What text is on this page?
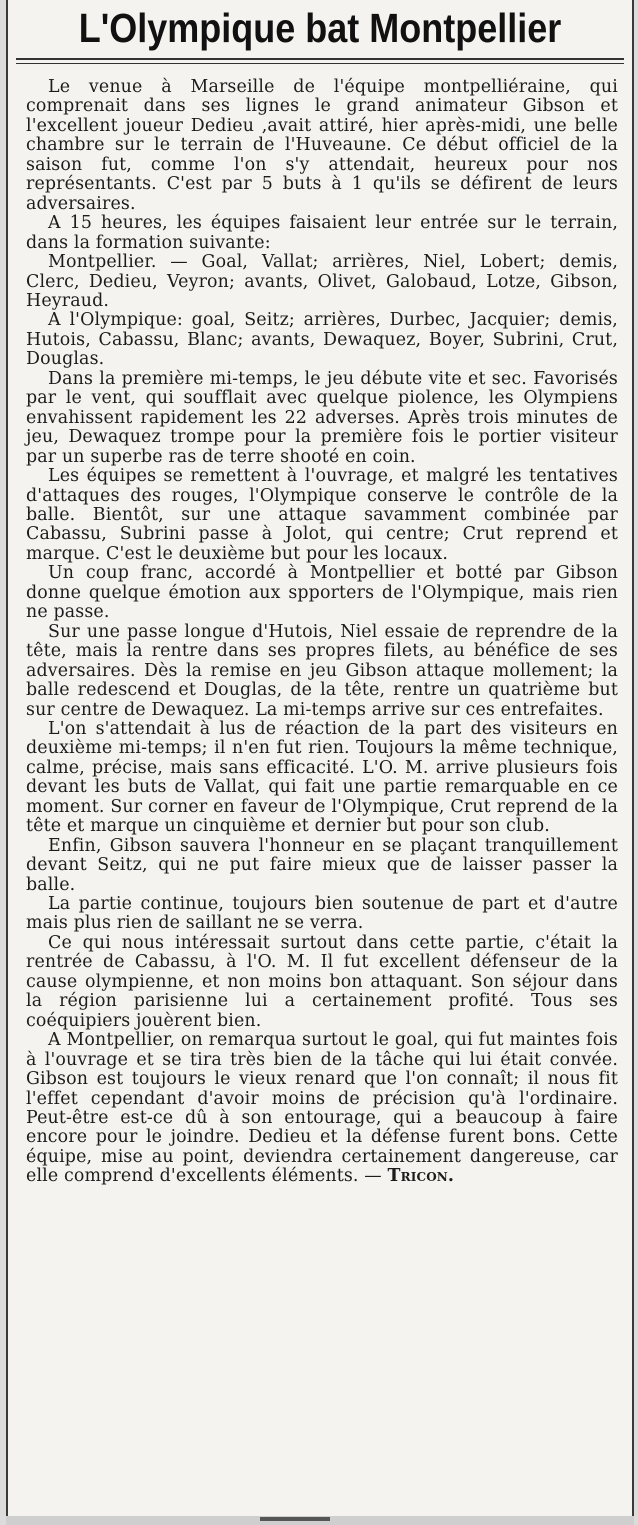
L'Olympique bat Montpellier

Le venue à Marseille de l'équipe montpelliéraine, qui comprenait dans ses lignes le grand animateur Gibson et l'excellent joueur Dedieu ,avait attiré, hier après-midi, une belle chambre sur le terrain de l'Huveaune. Ce début officiel de la saison fut, comme l'on s'y attendait, heureux pour nos représentants. C'est par 5 buts à 1 qu'ils se défirent de leurs adversaires.

A 15 heures, les équipes faisaient leur entrée sur le terrain, dans la formation suivante:

Montpellier. — Goal, Vallat; arrières, Niel, Lobert; demis, Clerc, Dedieu, Veyron; avants, Olivet, Galobaud, Lotze, Gibson, Heyraud.

A l'Olympique: goal, Seitz; arrières, Durbec, Jacquier; demis, Hutois, Cabassu, Blanc; avants, Dewaquez, Boyer, Subrini, Crut, Douglas.

Dans la première mi-temps, le jeu débute vite et sec. Favorisés par le vent, qui soufflait avec quelque piolence, les Olympiens envahissent rapidement les 22 adverses. Après trois minutes de jeu, Dewaquez trompe pour la première fois le portier visiteur par un superbe ras de terre shooté en coin.

Les équipes se remettent à l'ouvrage, et malgré les tentatives d'attaques des rouges, l'Olympique conserve le contrôle de la balle. Bientôt, sur une attaque savamment combinée par Cabassu, Subrini passe à Jolot, qui centre; Crut reprend et marque. C'est le deuxième but pour les locaux.

Un coup franc, accordé à Montpellier et botté par Gibson donne quelque émotion aux spporters de l'Olympique, mais rien ne passe.

Sur une passe longue d'Hutois, Niel essaie de reprendre de la tête, mais la rentre dans ses propres filets, au bénéfice de ses adversaires. Dès la remise en jeu Gibson attaque mollement; la balle redescend et Douglas, de la tête, rentre un quatrième but sur centre de Dewaquez. La mi-temps arrive sur ces entrefaites.

L'on s'attendait à lus de réaction de la part des visiteurs en deuxième mi-temps; il n'en fut rien. Toujours la même technique, calme, précise, mais sans efficacité. L'O. M. arrive plusieurs fois devant les buts de Vallat, qui fait une partie remarquable en ce moment. Sur corner en faveur de l'Olympique, Crut reprend de la tête et marque un cinquième et dernier but pour son club.

Enfin, Gibson sauvera l'honneur en se plaçant tranquillement devant Seitz, qui ne put faire mieux que de laisser passer la balle.

La partie continue, toujours bien soutenue de part et d'autre mais plus rien de saillant ne se verra.

Ce qui nous intéressait surtout dans cette partie, c'était la rentrée de Cabassu, à l'O. M. Il fut excellent défenseur de la cause olympienne, et non moins bon attaquant. Son séjour dans la région parisienne lui a certainement profité. Tous ses coéquipiers jouèrent bien.

A Montpellier, on remarqua surtout le goal, qui fut maintes fois à l'ouvrage et se tira très bien de la tâche qui lui était convée. Gibson est toujours le vieux renard que l'on connaît; il nous fit l'effet cependant d'avoir moins de précision qu'à l'ordinaire. Peut-être est-ce dû à son entourage, qui a beaucoup à faire encore pour le joindre. Dedieu et la défense furent bons. Cette équipe, mise au point, deviendra certainement dangereuse, car elle comprend d'excellents éléments. — Tricon.
